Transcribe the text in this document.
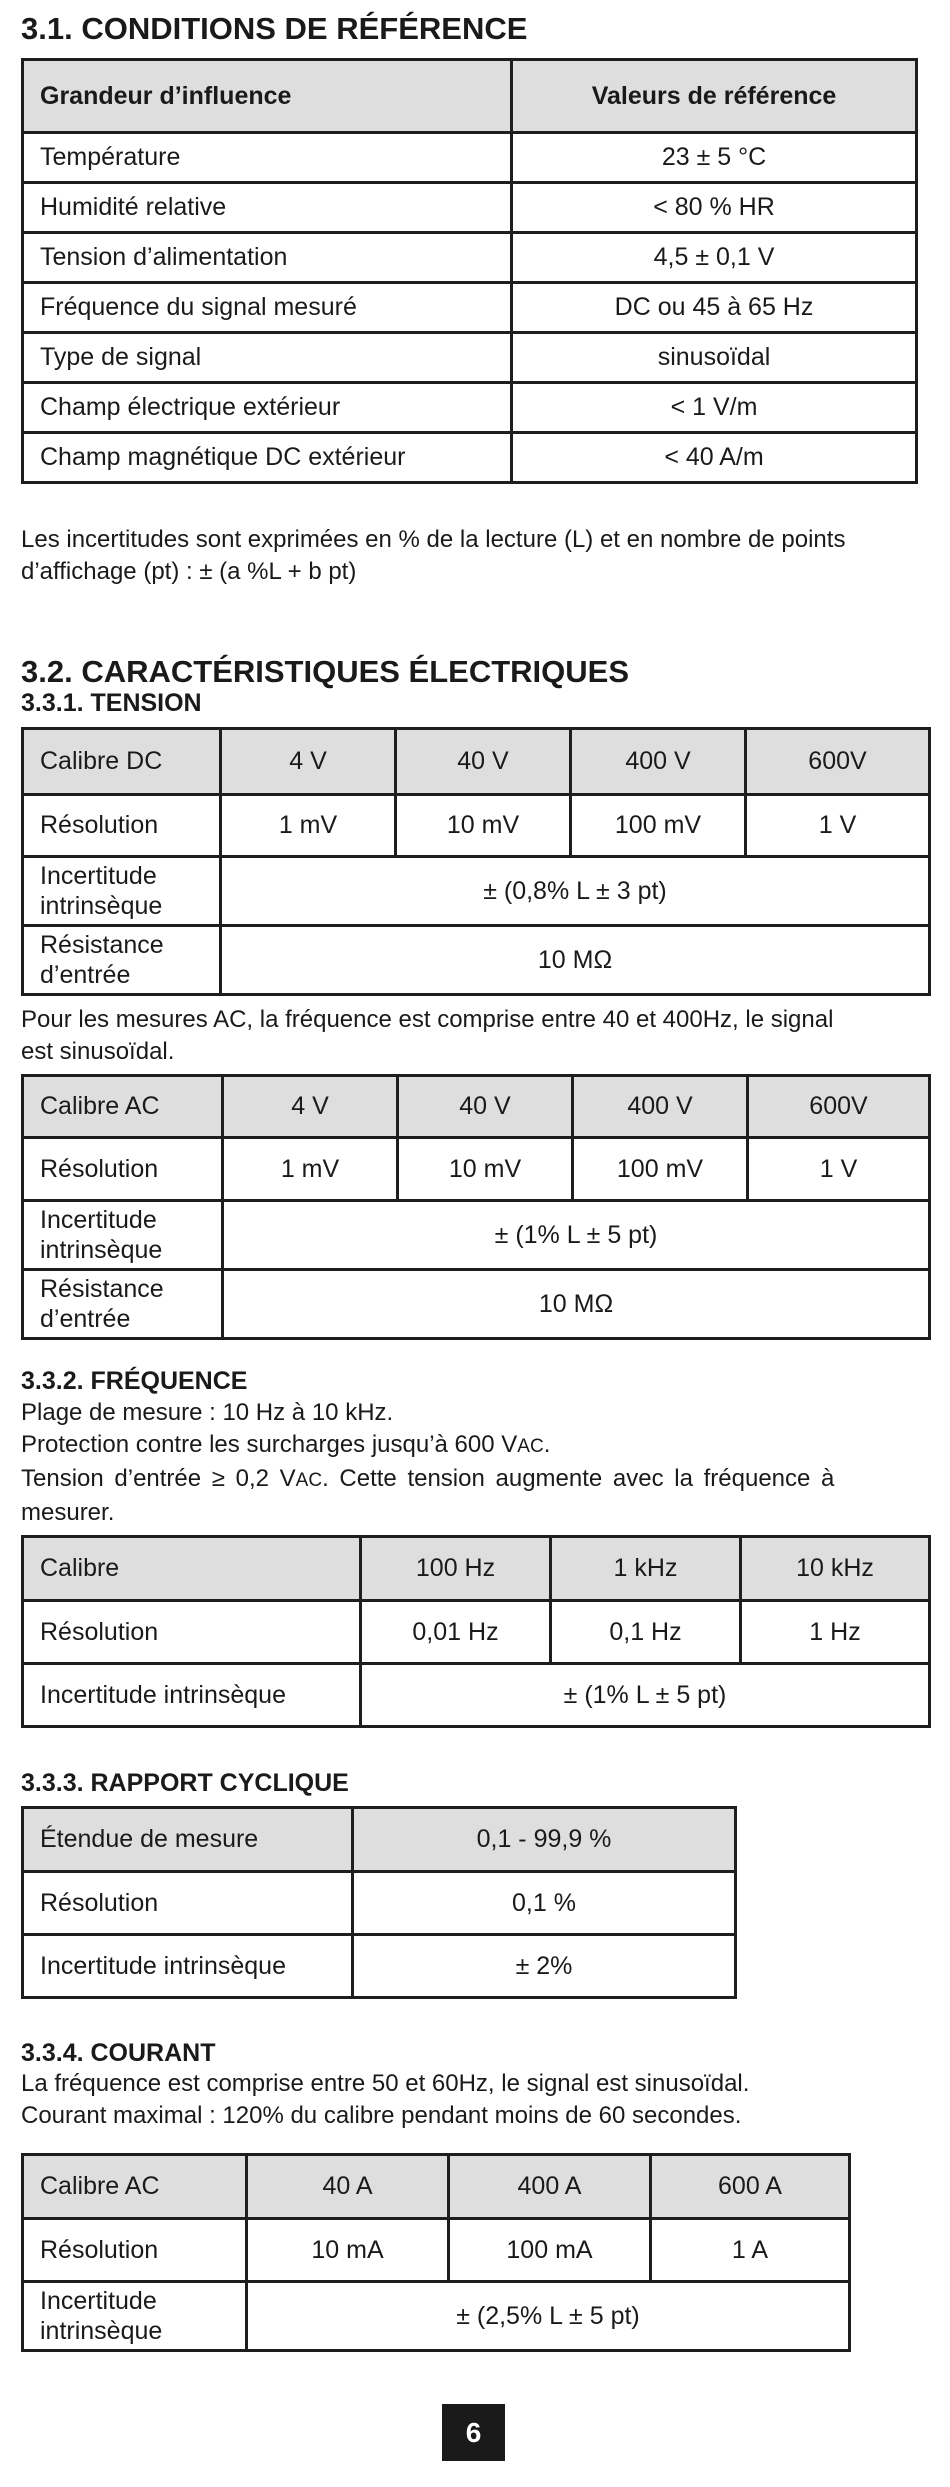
3.1. CONDITIONS DE RÉFÉRENCE
Grandeur d’influence	Valeurs de référence
Température	23 ± 5 °C
Humidité relative	< 80 % HR
Tension d’alimentation	4,5 ± 0,1 V
Fréquence du signal mesuré	DC ou 45 à 65 Hz
Type de signal	sinusoïdal
Champ électrique extérieur	< 1 V/m
Champ magnétique DC extérieur	< 40 A/m

Les incertitudes sont exprimées en % de la lecture (L) et en nombre de points

d’affichage (pt) : ± (a %L + b pt)

3.2. CARACTÉRISTIQUES ÉLECTRIQUES
3.3.1. TENSION
Calibre DC	4 V	40 V	400 V	600V
Résolution	1 mV	10 mV	100 mV	1 V
Incertitude
intrinsèque	± (0,8% L ± 3 pt)			
Résistance
d’entrée	10 MΩ			

Pour les mesures AC, la fréquence est comprise entre 40 et 400Hz, le signal

est sinusoïdal.

Calibre AC	4 V	40 V	400 V	600V
Résolution	1 mV	10 mV	100 mV	1 V
Incertitude
intrinsèque	± (1% L ± 5 pt)			
Résistance
d’entrée	10 MΩ			
3.3.2. FRÉQUENCE

Plage de mesure : 10 Hz à 10 kHz.

Protection contre les surcharges jusqu’à 600 VAC.

Tension d’entrée ≥ 0,2 VAC. Cette tension augmente avec la fréquence à

mesurer.

Calibre	100 Hz	1 kHz	10 kHz
Résolution	0,01 Hz	0,1 Hz	1 Hz
Incertitude intrinsèque	± (1% L ± 5 pt)		
3.3.3. RAPPORT CYCLIQUE
Étendue de mesure	0,1 - 99,9 %
Résolution	0,1 %
Incertitude intrinsèque	± 2%
3.3.4. COURANT

La fréquence est comprise entre 50 et 60Hz, le signal est sinusoïdal.

Courant maximal : 120% du calibre pendant moins de 60 secondes.

Calibre AC	40 A	400 A	600 A
Résolution	10 mA	100 mA	1 A
Incertitude
intrinsèque	± (2,5% L ± 5 pt)		
6
